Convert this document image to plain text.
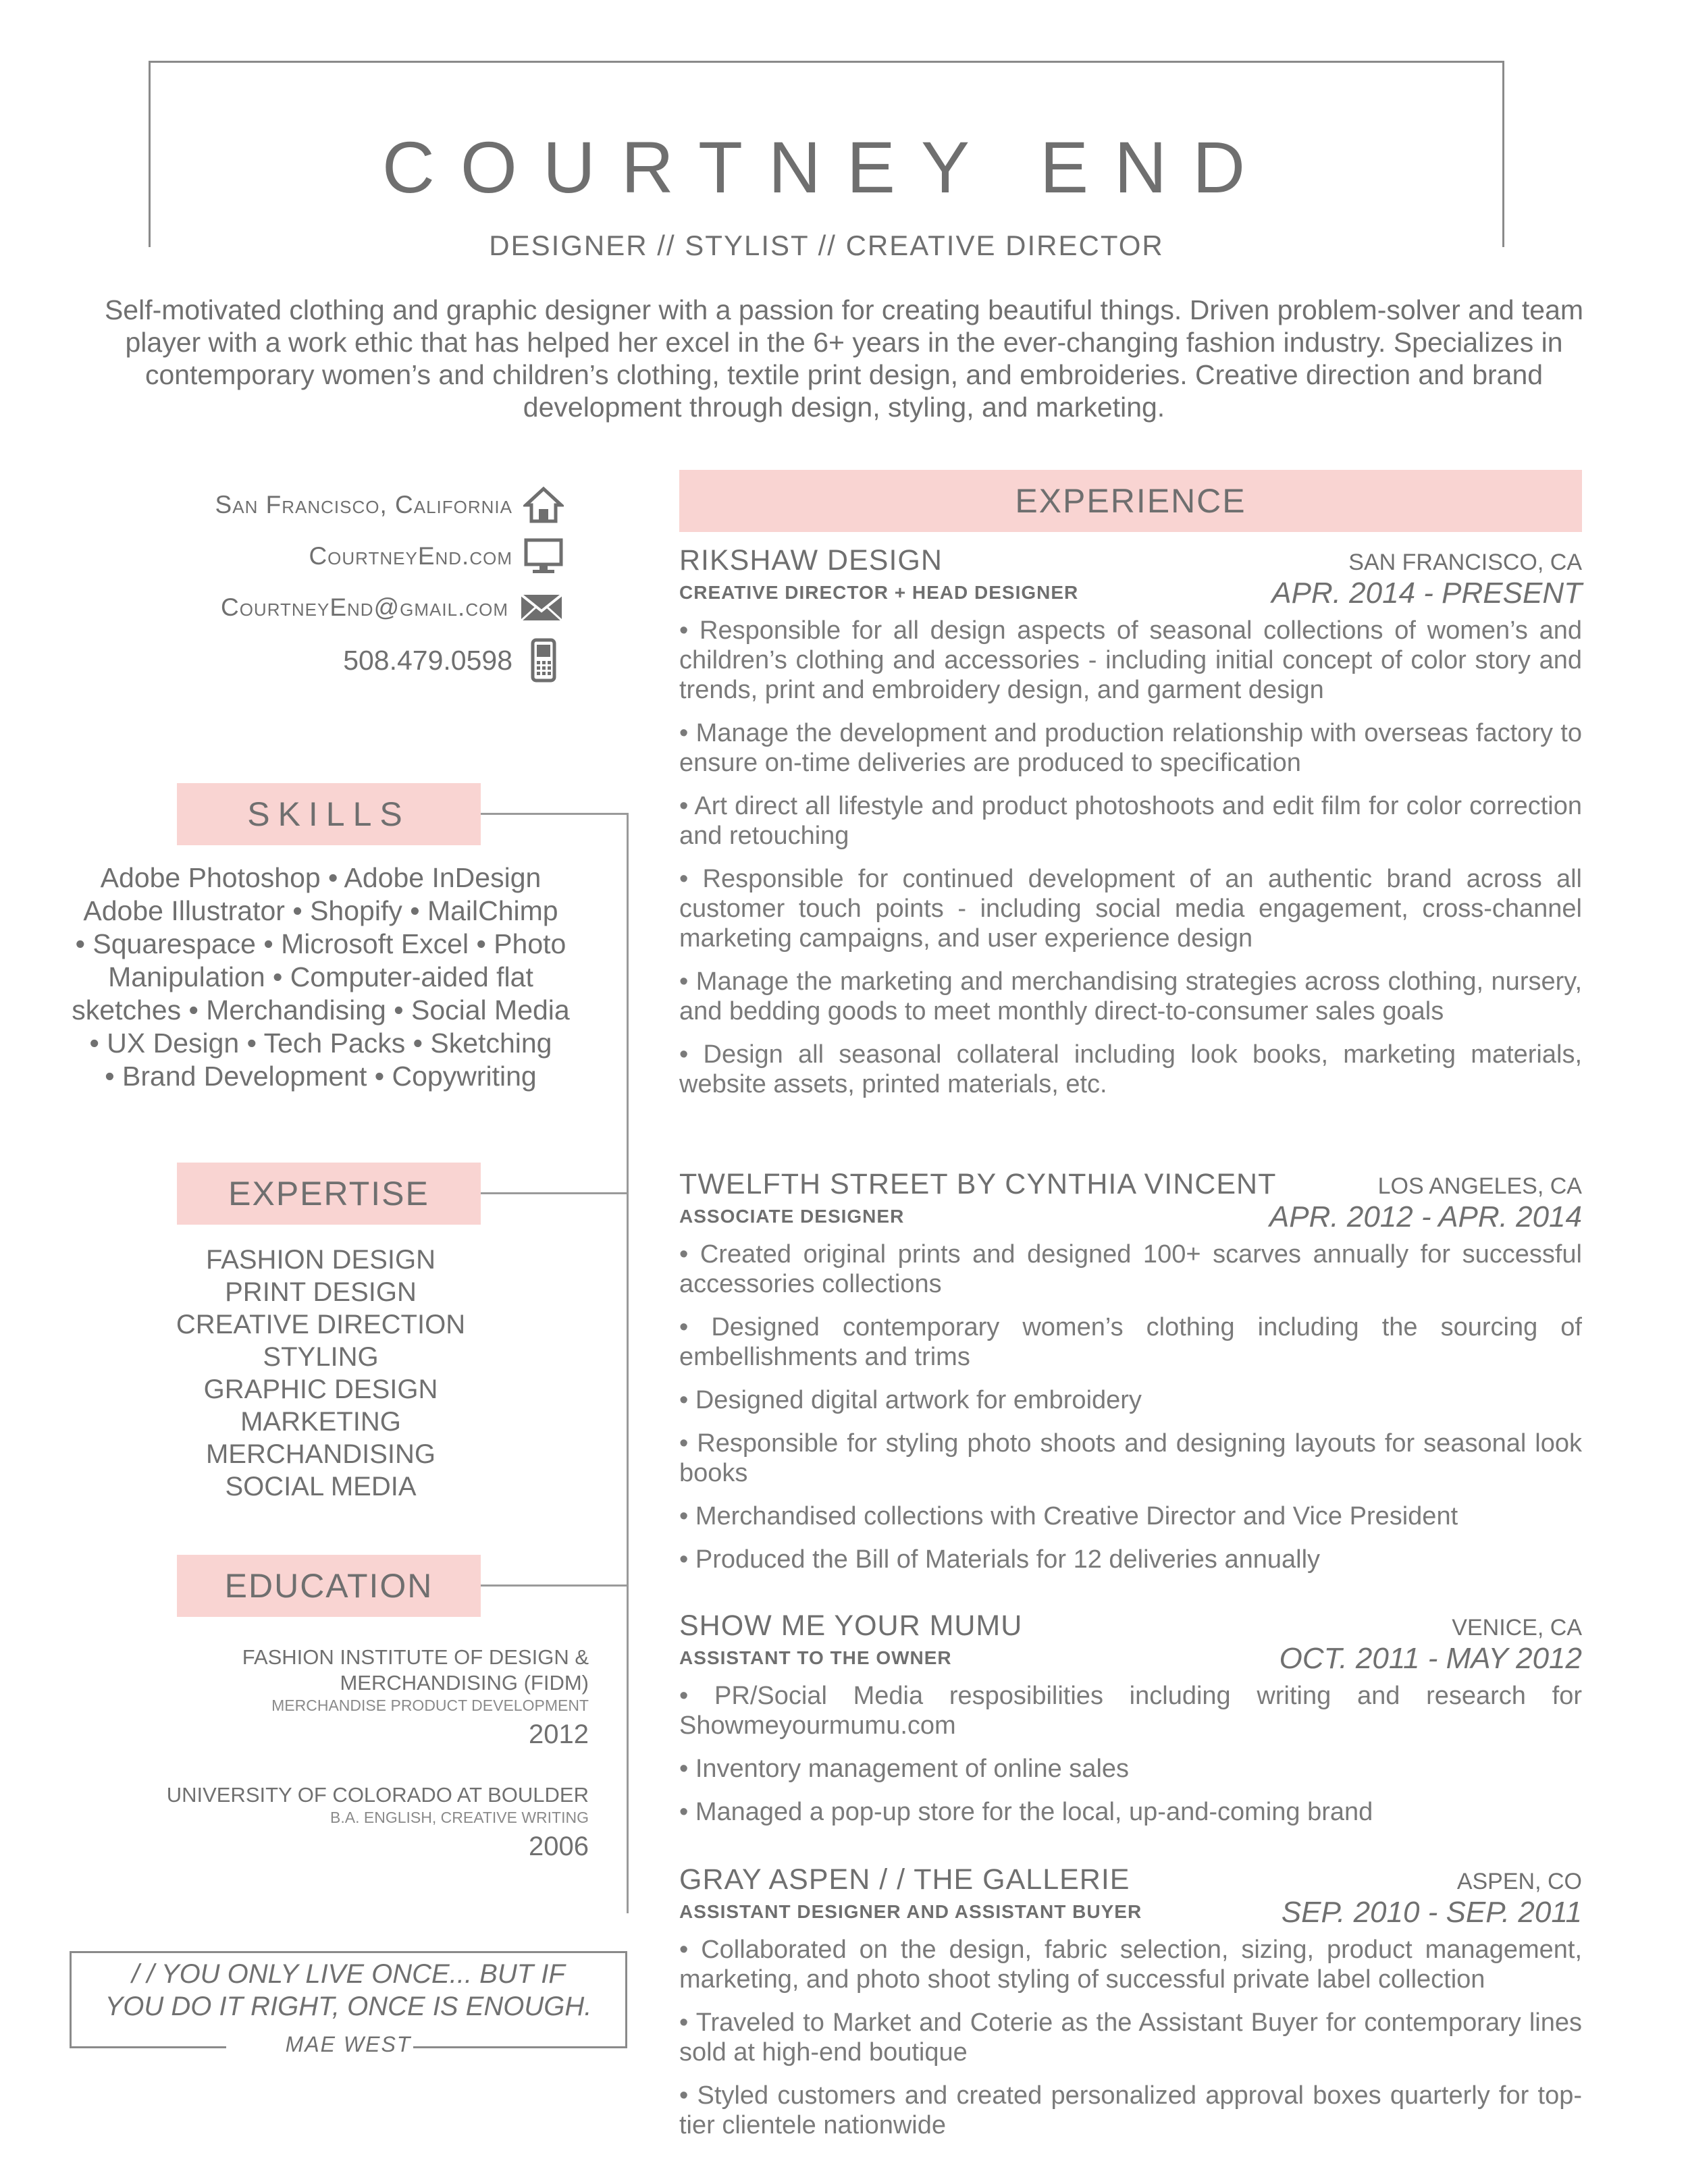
COURTNEY END
DESIGNER // STYLIST // CREATIVE DIRECTOR
Self-motivated clothing and graphic designer with a passion for creating beautiful things. Driven problem-solver and team player with a work ethic that has helped her excel in the 6+ years in the ever-changing fashion industry. Specializes in contemporary women’s and children’s clothing, textile print design, and embroideries. Creative direction and brand development through design, styling, and marketing.
San Francisco, California
CourtneyEnd.com
CourtneyEnd@gmail.com
508.479.0598
SKILLS
Adobe Photoshop • Adobe InDesign
Adobe Illustrator • Shopify • MailChimp
• Squarespace • Microsoft Excel • Photo
Manipulation • Computer-aided flat
sketches • Merchandising • Social Media
• UX Design • Tech Packs • Sketching
• Brand Development • Copywriting
EXPERTISE
FASHION DESIGN
PRINT DESIGN
CREATIVE DIRECTION
STYLING
GRAPHIC DESIGN
MARKETING
MERCHANDISING
SOCIAL MEDIA
EDUCATION
FASHION INSTITUTE OF DESIGN &
MERCHANDISING (FIDM)
MERCHANDISE PRODUCT DEVELOPMENT
2012
UNIVERSITY OF COLORADO AT BOULDER
B.A. ENGLISH, CREATIVE WRITING
2006
/ / YOU ONLY LIVE ONCE... BUT IF
YOU DO IT RIGHT, ONCE IS ENOUGH.
MAE WEST
EXPERIENCE
RIKSHAW DESIGN
CREATIVE DIRECTOR + HEAD DESIGNER
SAN FRANCISCO, CA
APR. 2014 - PRESENT
• Responsible for all design aspects of seasonal collections of women’s and children’s clothing and accessories - including initial concept of color story and trends, print and embroidery design, and garment design
• Manage the development and production relationship with overseas factory to ensure on-time deliveries are produced to specification
• Art direct all lifestyle and product photoshoots and edit film for color correction and retouching
• Responsible for continued development of an authentic brand across all customer touch points - including social media engagement, cross-channel marketing campaigns, and user experience design
• Manage the marketing and merchandising strategies across clothing, nursery, and bedding goods to meet monthly direct-to-consumer sales goals
• Design all seasonal collateral including look books, marketing materials, website assets, printed materials, etc.
TWELFTH STREET BY CYNTHIA VINCENT
ASSOCIATE DESIGNER
LOS ANGELES, CA
APR. 2012 - APR. 2014
• Created original prints and designed 100+ scarves annually for successful accessories collections
• Designed contemporary women’s clothing including the sourcing of embellishments and trims
• Designed digital artwork for embroidery
• Responsible for styling photo shoots and designing layouts for seasonal look books
• Merchandised collections with Creative Director and Vice President
• Produced the Bill of Materials for 12 deliveries annually
SHOW ME YOUR MUMU
ASSISTANT TO THE OWNER
VENICE, CA
OCT. 2011 - MAY 2012
• PR/Social Media resposibilities including writing and research for Showmeyourmumu.com
• Inventory management of online sales
• Managed a pop-up store for the local, up-and-coming brand
GRAY ASPEN / / THE GALLERIE
ASSISTANT DESIGNER AND ASSISTANT BUYER
ASPEN, CO
SEP. 2010 - SEP. 2011
• Collaborated on the design, fabric selection, sizing, product management, marketing, and photo shoot styling of successful private label collection
• Traveled to Market and Coterie as the Assistant Buyer for contemporary lines sold at high-end boutique
• Styled customers and created personalized approval boxes quarterly for top-tier clientele nationwide
